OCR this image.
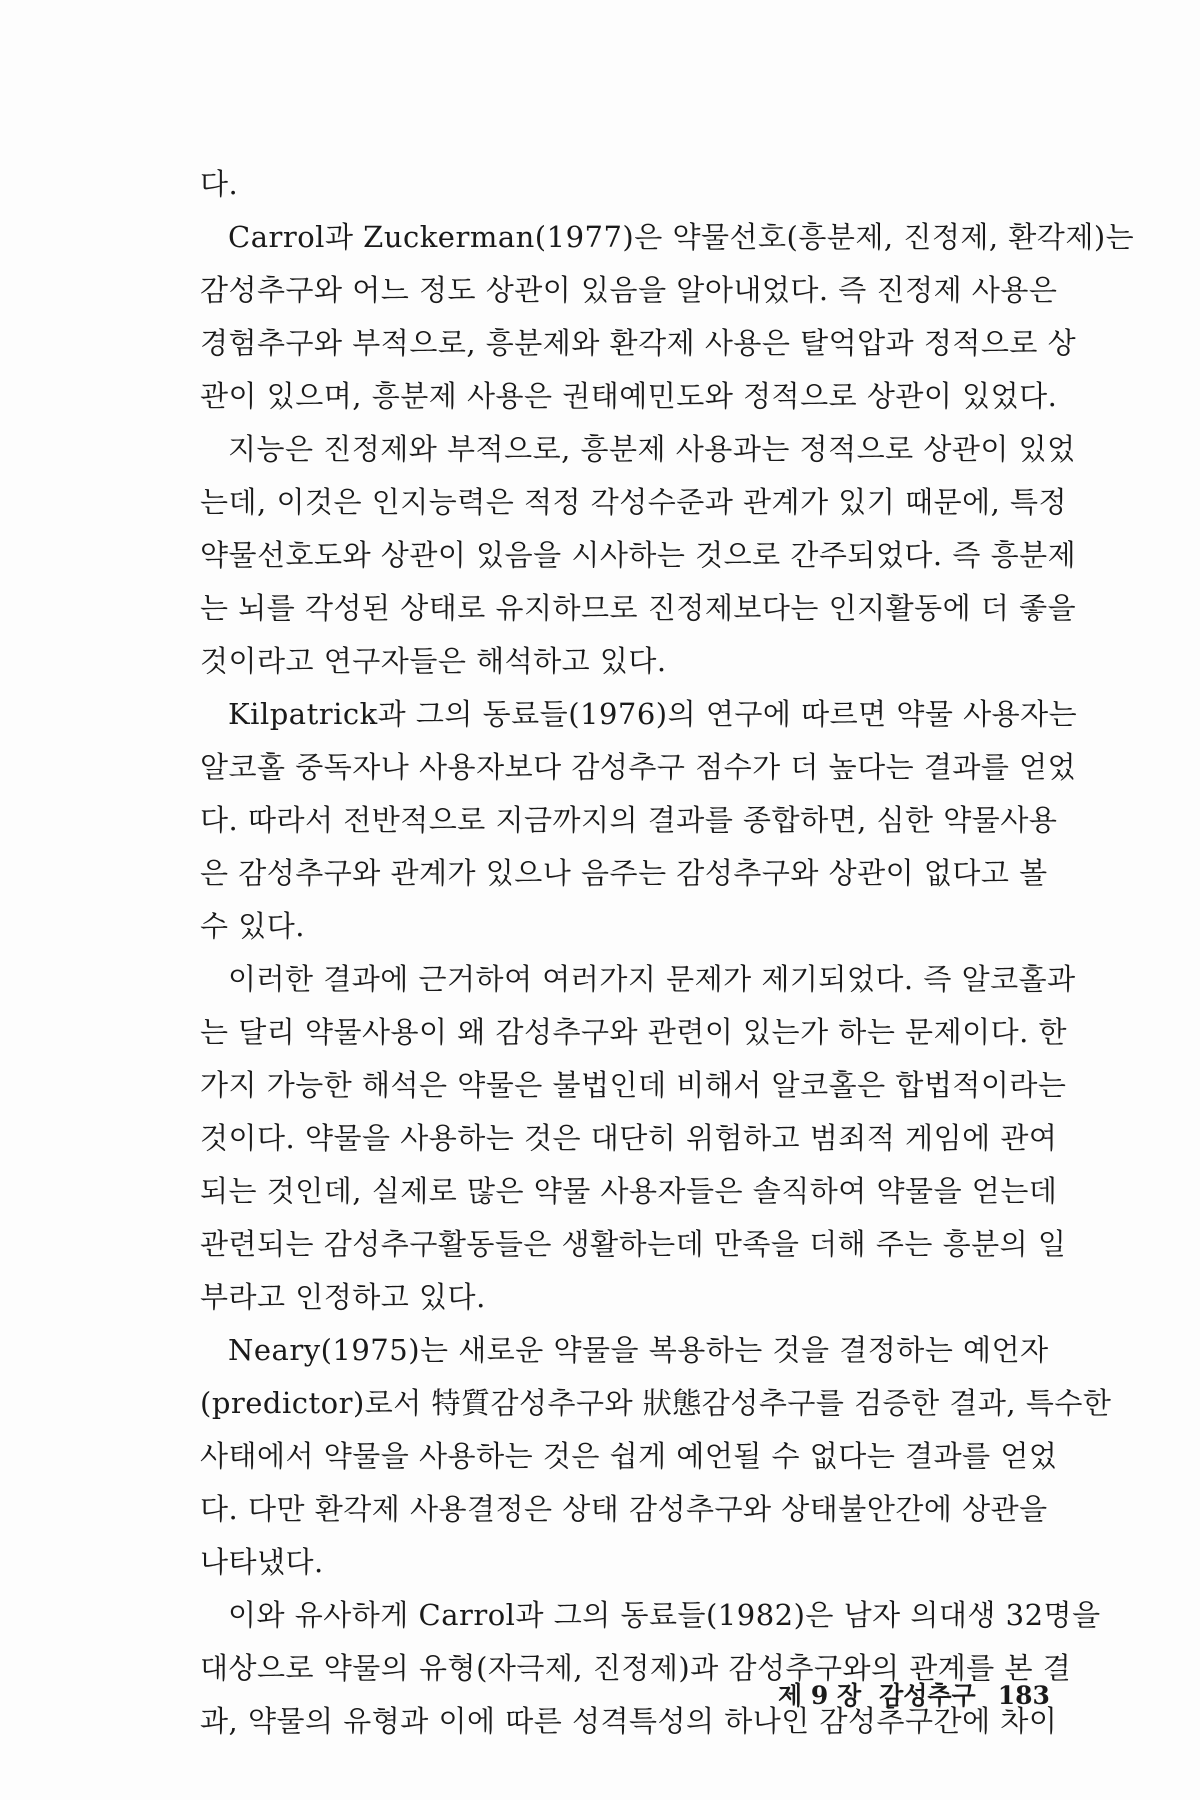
다.
Carrol과 Zuckerman(1977)은 약물선호(흥분제, 진정제, 환각제)는
감성추구와 어느 정도 상관이 있음을 알아내었다. 즉 진정제 사용은
경험추구와 부적으로, 흥분제와 환각제 사용은 탈억압과 정적으로 상
관이 있으며, 흥분제 사용은 권태예민도와 정적으로 상관이 있었다.
지능은 진정제와 부적으로, 흥분제 사용과는 정적으로 상관이 있었
는데, 이것은 인지능력은 적정 각성수준과 관계가 있기 때문에, 특정
약물선호도와 상관이 있음을 시사하는 것으로 간주되었다. 즉 흥분제
는 뇌를 각성된 상태로 유지하므로 진정제보다는 인지활동에 더 좋을
것이라고 연구자들은 해석하고 있다.
Kilpatrick과 그의 동료들(1976)의 연구에 따르면 약물 사용자는
알코홀 중독자나 사용자보다 감성추구 점수가 더 높다는 결과를 얻었
다. 따라서 전반적으로 지금까지의 결과를 종합하면, 심한 약물사용
은 감성추구와 관계가 있으나 음주는 감성추구와 상관이 없다고 볼
수 있다.
이러한 결과에 근거하여 여러가지 문제가 제기되었다. 즉 알코홀과
는 달리 약물사용이 왜 감성추구와 관련이 있는가 하는 문제이다. 한
가지 가능한 해석은 약물은 불법인데 비해서 알코홀은 합법적이라는
것이다. 약물을 사용하는 것은 대단히 위험하고 범죄적 게임에 관여
되는 것인데, 실제로 많은 약물 사용자들은 솔직하여 약물을 얻는데
관련되는 감성추구활동들은 생활하는데 만족을 더해 주는 흥분의 일
부라고 인정하고 있다.
Neary(1975)는 새로운 약물을 복용하는 것을 결정하는 예언자
(predictor)로서 特質감성추구와 狀態감성추구를 검증한 결과, 특수한
사태에서 약물을 사용하는 것은 쉽게 예언될 수 없다는 결과를 얻었
다. 다만 환각제 사용결정은 상태 감성추구와 상태불안간에 상관을
나타냈다.
이와 유사하게 Carrol과 그의 동료들(1982)은 남자 의대생 32명을
대상으로 약물의 유형(자극제, 진정제)과 감성추구와의 관계를 본 결
과, 약물의 유형과 이에 따른 성격특성의 하나인 감성추구간에 차이
제 9 장 감성추구 183
